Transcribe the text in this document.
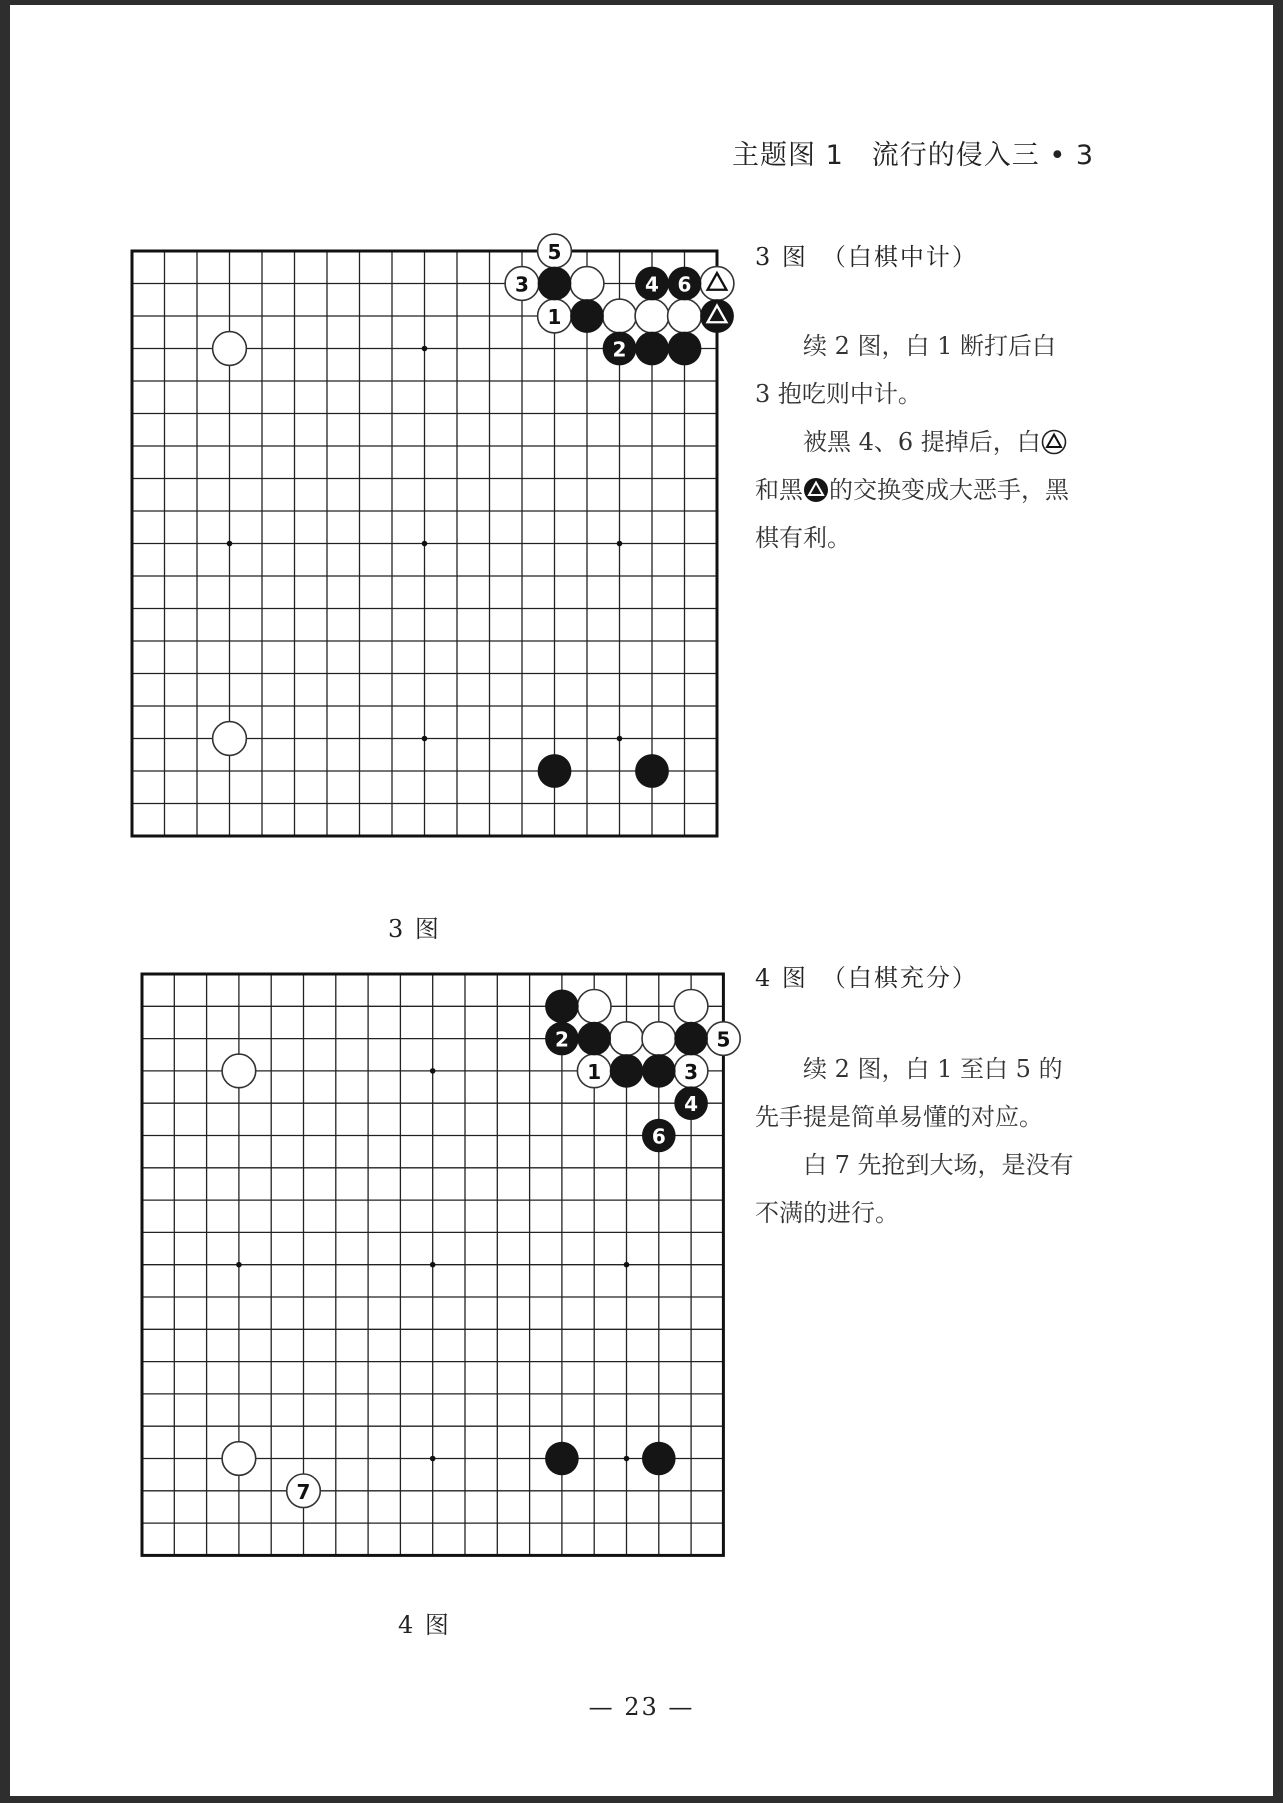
主题图 1　流行的侵入三 • 3
5
3
1
2
4 6
3 图
3 图　（白棋中计）

续 2 图，白 1 断打后白 3 抱吃则中计。

被黑 4、6 提掉后，白和黑 的交换变成大恶手，黑棋有利。

5
1	3
7
2
4
6
4 图
4 图　（白棋充分）

续 2 图，白 1 至白 5 的先手提是简单易懂的对应。

白 7 先抢到大场，是没有不满的进行。

— 23 —
